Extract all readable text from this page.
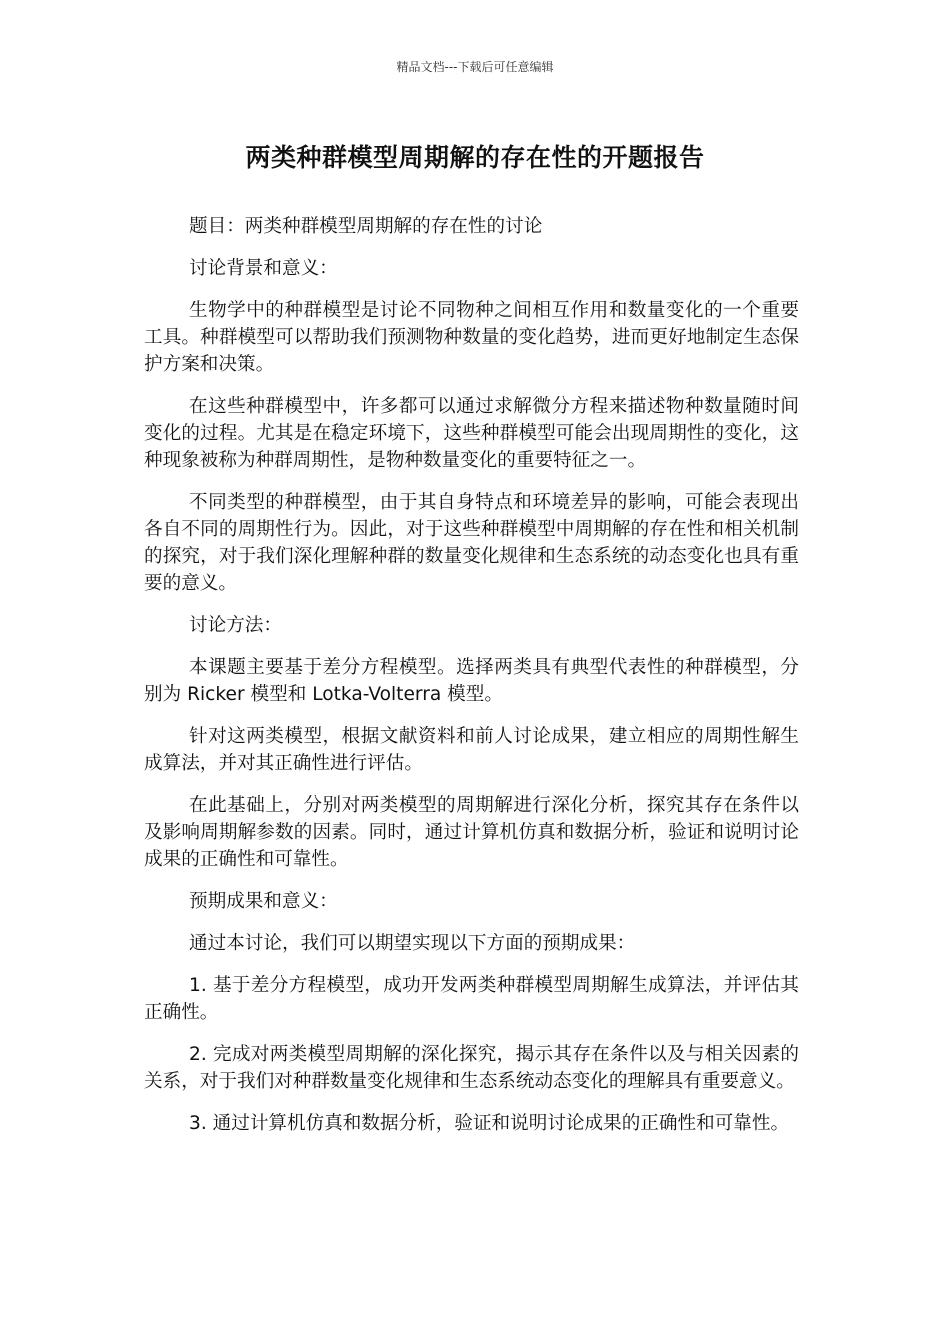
精品文档---下载后可任意编辑
两类种群模型周期解的存在性的开题报告

题目：两类种群模型周期解的存在性的讨论

讨论背景和意义：

生物学中的种群模型是讨论不同物种之间相互作用和数量变化的一个重要工具。种群模型可以帮助我们预测物种数量的变化趋势，进而更好地制定生态保护方案和决策。

在这些种群模型中，许多都可以通过求解微分方程来描述物种数量随时间变化的过程。尤其是在稳定环境下，这些种群模型可能会出现周期性的变化，这种现象被称为种群周期性，是物种数量变化的重要特征之一。

不同类型的种群模型，由于其自身特点和环境差异的影响，可能会表现出各自不同的周期性行为。因此，对于这些种群模型中周期解的存在性和相关机制的探究，对于我们深化理解种群的数量变化规律和生态系统的动态变化也具有重要的意义。

讨论方法：

本课题主要基于差分方程模型。选择两类具有典型代表性的种群模型，分别为 Ricker 模型和 Lotka-Volterra 模型。

针对这两类模型，根据文献资料和前人讨论成果，建立相应的周期性解生成算法，并对其正确性进行评估。

在此基础上，分别对两类模型的周期解进行深化分析，探究其存在条件以及影响周期解参数的因素。同时，通过计算机仿真和数据分析，验证和说明讨论成果的正确性和可靠性。

预期成果和意义：

通过本讨论，我们可以期望实现以下方面的预期成果：

1. 基于差分方程模型，成功开发两类种群模型周期解生成算法，并评估其正确性。

2. 完成对两类模型周期解的深化探究，揭示其存在条件以及与相关因素的关系，对于我们对种群数量变化规律和生态系统动态变化的理解具有重要意义。

3. 通过计算机仿真和数据分析，验证和说明讨论成果的正确性和可靠性。
